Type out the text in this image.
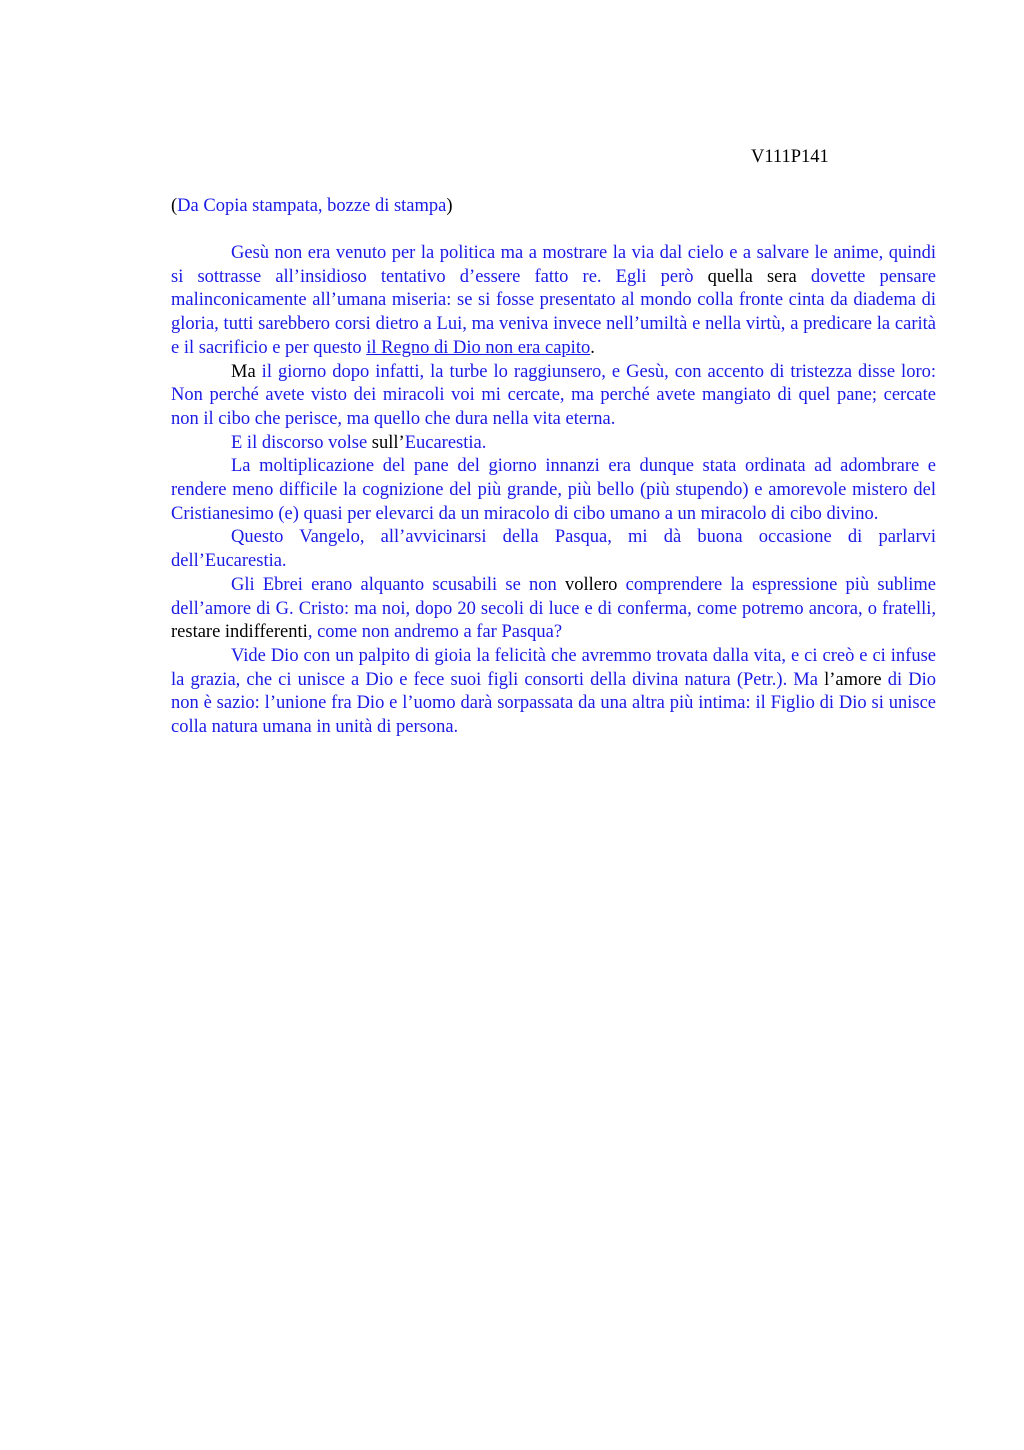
V111P141

(Da Copia stampata, bozze di stampa)

Gesù non era venuto per la politica ma a mostrare la via dal cielo e a salvare le anime, quindi si sottrasse all’insidioso tentativo d’essere fatto re. Egli però quella sera dovette pensare malinconicamente all’umana miseria: se si fosse presentato al mondo colla fronte cinta da diadema di gloria, tutti sarebbero corsi dietro a Lui, ma veniva invece nell’umiltà e nella virtù, a predicare la carità e il sacrificio e per questo il Regno di Dio non era capito.

Ma il giorno dopo infatti, la turbe lo raggiunsero, e Gesù, con accento di tristezza disse loro: Non perché avete visto dei miracoli voi mi cercate, ma perché avete mangiato di quel pane; cercate non il cibo che perisce, ma quello che dura nella vita eterna.

E il discorso volse sull’Eucarestia.

La moltiplicazione del pane del giorno innanzi era dunque stata ordinata ad adombrare e rendere meno difficile la cognizione del più grande, più bello (più stupendo) e amorevole mistero del Cristianesimo (e) quasi per elevarci da un miracolo di cibo umano a un miracolo di cibo divino.

Questo Vangelo, all’avvicinarsi della Pasqua, mi dà buona occasione di parlarvi dell’Eucarestia.

Gli Ebrei erano alquanto scusabili se non vollero comprendere la espressione più sublime dell’amore di G. Cristo: ma noi, dopo 20 secoli di luce e di conferma, come potremo ancora, o fratelli, restare indifferenti, come non andremo a far Pasqua?

Vide Dio con un palpito di gioia la felicità che avremmo trovata dalla vita, e ci creò e ci infuse la grazia, che ci unisce a Dio e fece suoi figli consorti della divina natura (Petr.). Ma l’amore di Dio non è sazio: l’unione fra Dio e l’uomo darà sorpassata da una altra più intima: il Figlio di Dio si unisce colla natura umana in unità di persona.
